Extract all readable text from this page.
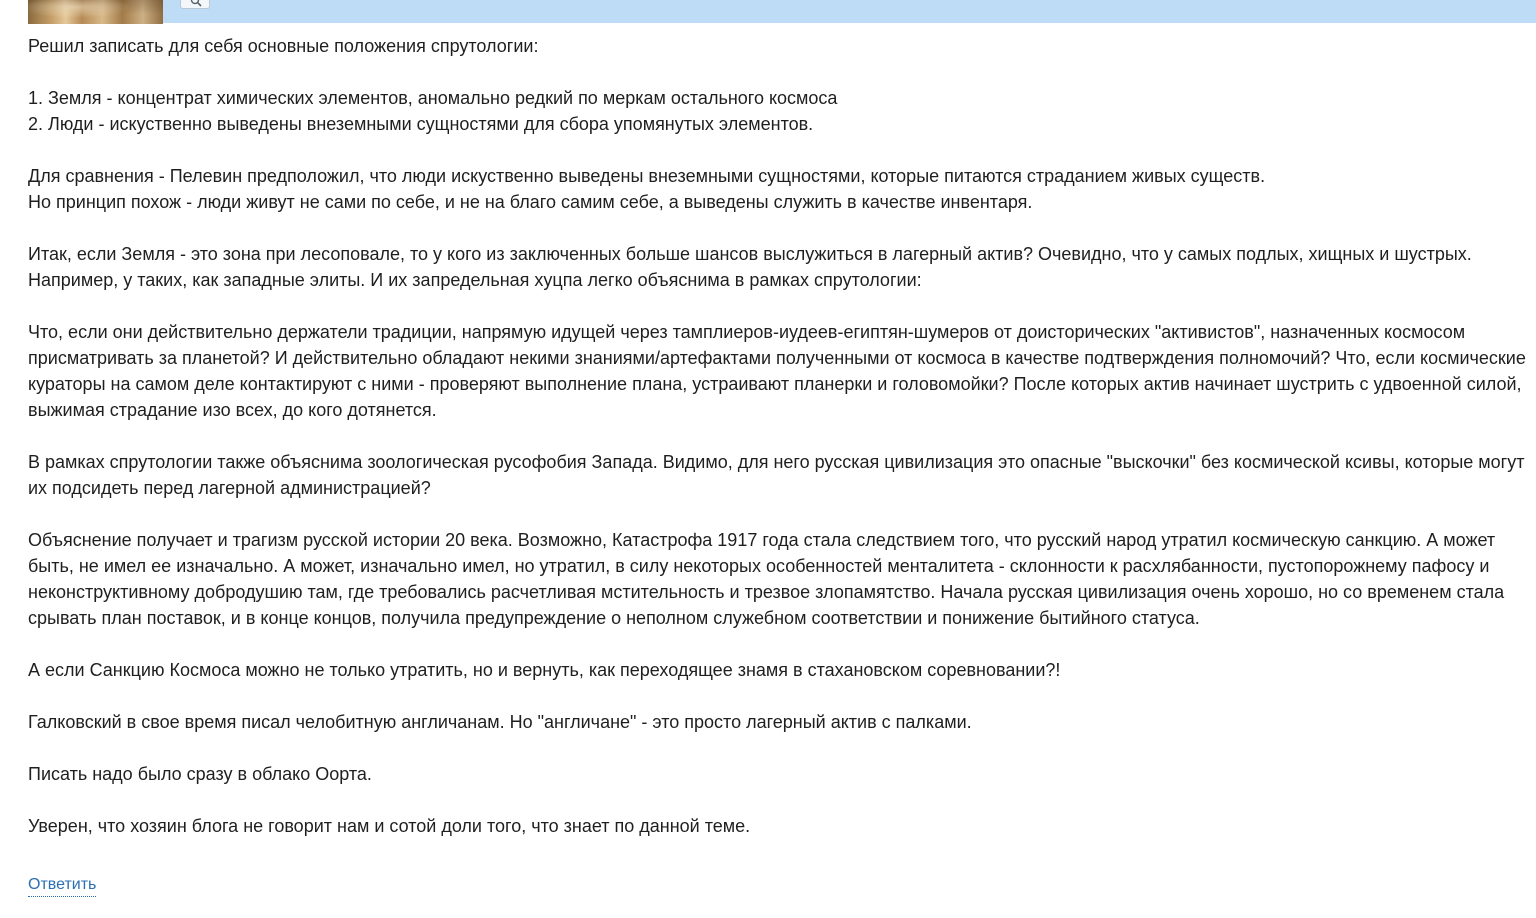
Решил записать для себя основные положения спрутологии:

1. Земля - концентрат химических элементов, аномально редкий по меркам остального космоса
2. Люди - искуственно выведены внеземными сущностями для сбора упомянутых элементов.

Для сравнения - Пелевин предположил, что люди искуственно выведены внеземными сущностями, которые питаются страданием живых существ.
Но принцип похож - люди живут не сами по себе, и не на благо самим себе, а выведены служить в качестве инвентаря.

Итак, если Земля - это зона при лесоповале, то у кого из заключенных больше шансов выслужиться в лагерный актив? Очевидно, что у самых подлых, хищных и шустрых. Например, у таких, как западные элиты. И их запредельная хуцпа легко объяснима в рамках спрутологии:

Что, если они действительно держатели традиции, напрямую идущей через тамплиеров-иудеев-египтян-шумеров от доисторических "активистов", назначенных космосом присматривать за планетой? И действительно обладают некими знаниями/артефактами полученными от космоса в качестве подтверждения полномочий? Что, если космические кураторы на самом деле контактируют с ними - проверяют выполнение плана, устраивают планерки и головомойки? После которых актив начинает шустрить с удвоенной силой, выжимая страдание изо всех, до кого дотянется.

В рамках спрутологии также объяснима зоологическая русофобия Запада. Видимо, для него русская цивилизация это опасные "выскочки" без космической ксивы, которые могут их подсидеть перед лагерной администрацией?

Объяснение получает и трагизм русской истории 20 века. Возможно, Катастрофа 1917 года стала следствием того, что русский народ утратил космическую санкцию. А может быть, не имел ее изначально. А может, изначально имел, но утратил, в силу некоторых особенностей менталитета - склонности к расхлябанности, пустопорожнему пафосу и неконструктивному добродушию там, где требовались расчетливая мстительность и трезвое злопамятство. Начала русская цивилизация очень хорошо, но со временем стала срывать план поставок, и в конце концов, получила предупреждение о неполном служебном соответствии и понижение бытийного статуса.

А если Санкцию Космоса можно не только утратить, но и вернуть, как переходящее знамя в стахановском соревновании?!

Галковский в свое время писал челобитную англичанам. Но "англичане" - это просто лагерный актив с палками.

Писать надо было сразу в облако Оорта.

Уверен, что хозяин блога не говорит нам и сотой доли того, что знает по данной теме.

Ответить
